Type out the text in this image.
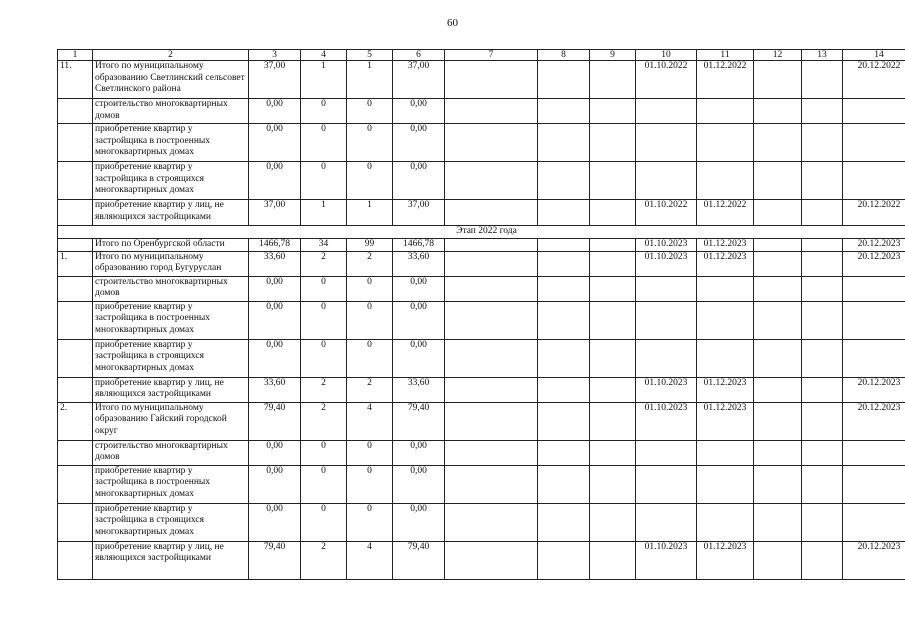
60
1	2	3	4	5	6	7	8	9	10	11	12	13	14
11.	Итого по муниципальному образованию Светлинский сельсовет Светлинского района	37,00	1	1	37,00				01.10.2022	01.12.2022			20.12.2022
	строительство многоквартирных домов	0,00	0	0	0,00								
	приобретение квартир у застройщика в построенных многоквартирных домах	0,00	0	0	0,00								
	приобретение квартир у застройщика в строящихся многоквартирных домах	0,00	0	0	0,00								
	приобретение квартир у лиц, не являющихся застройщиками	37,00	1	1	37,00				01.10.2022	01.12.2022			20.12.2022
Этап 2022 года													
	Итого по Оренбургской области	1466,78	34	99	1466,78				01.10.2023	01.12.2023			20.12.2023
1.	Итого по муниципальному образованию город Бугуруслан	33,60	2	2	33,60				01.10.2023	01.12.2023			20.12.2023
	строительство многоквартирных домов	0,00	0	0	0,00								
	приобретение квартир у застройщика в построенных многоквартирных домах	0,00	0	0	0,00								
	приобретение квартир у застройщика в строящихся многоквартирных домах	0,00	0	0	0,00								
	приобретение квартир у лиц, не являющихся застройщиками	33,60	2	2	33,60				01.10.2023	01.12.2023			20.12.2023
2.	Итого по муниципальному образованию Гайский городской округ	79,40	2	4	79,40				01.10.2023	01.12.2023			20.12.2023
	строительство многоквартирных домов	0,00	0	0	0,00								
	приобретение квартир у застройщика в построенных многоквартирных домах	0,00	0	0	0,00								
	приобретение квартир у застройщика в строящихся многоквартирных домах	0,00	0	0	0,00								
	приобретение квартир у лиц, не являющихся застройщиками	79,40	2	4	79,40				01.10.2023	01.12.2023			20.12.2023
